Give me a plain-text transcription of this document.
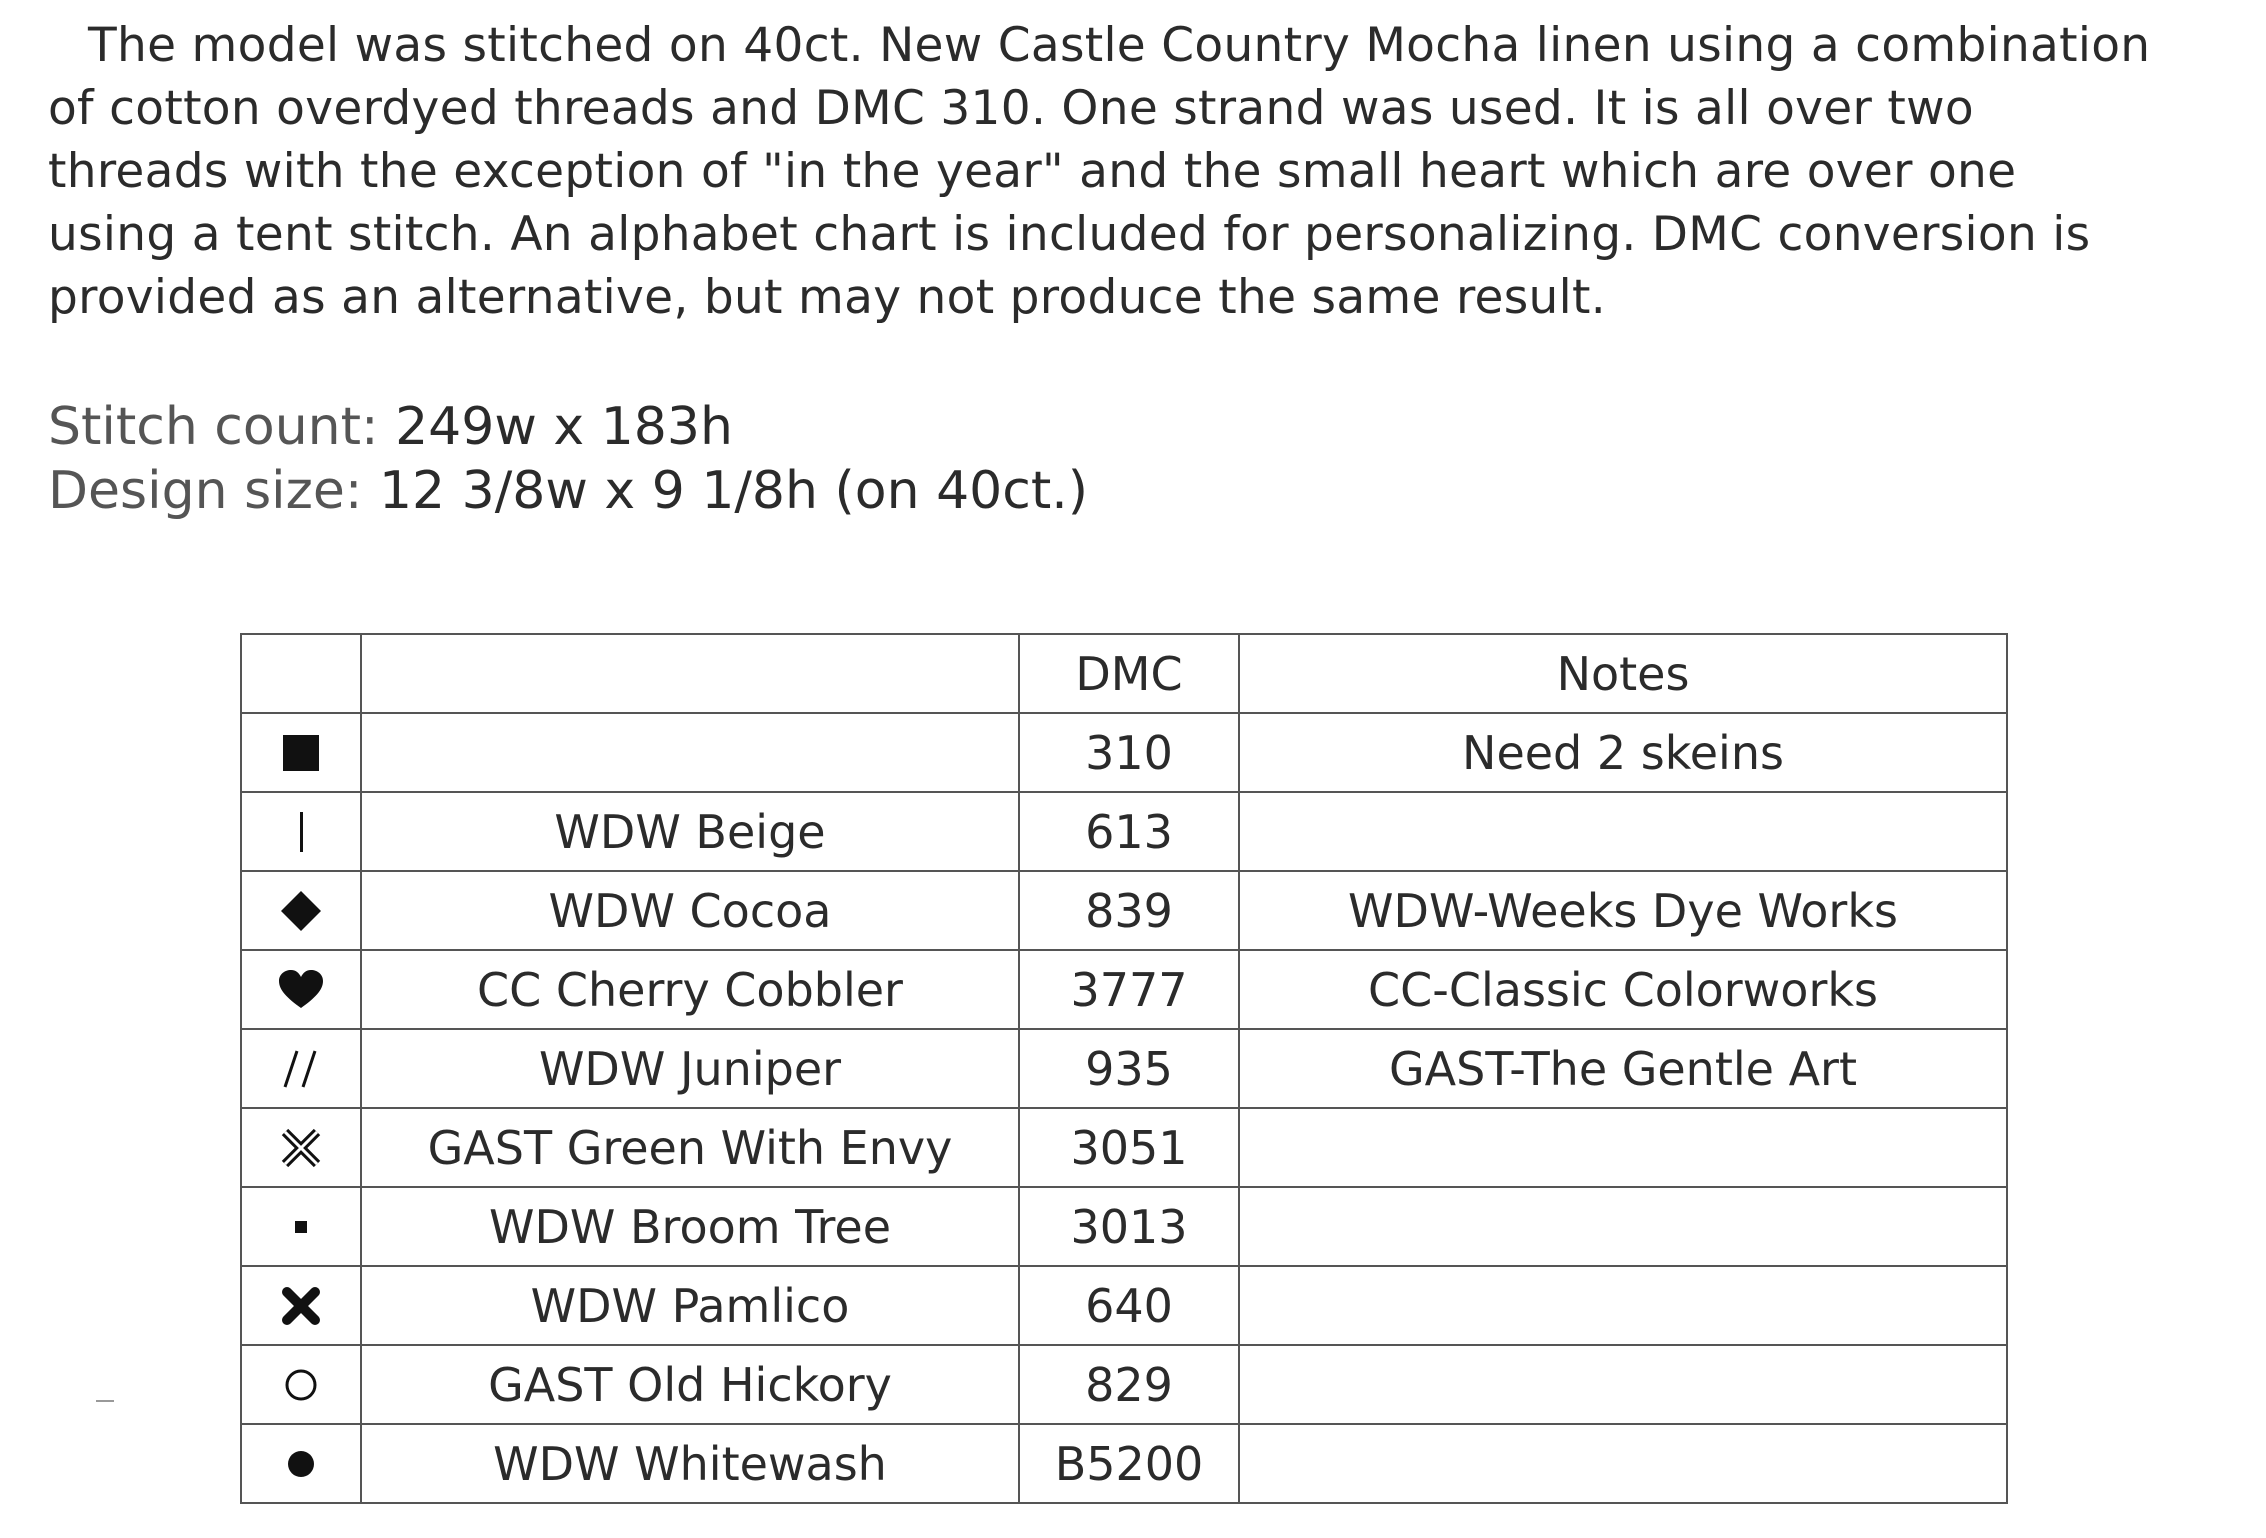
The model was stitched on 40ct. New Castle Country Mocha linen using a combination

of cotton overdyed threads and DMC 310. One strand was used. It is all over two

threads with the exception of "in the year" and the small heart which are over one

using a tent stitch. An alphabet chart is included for personalizing. DMC conversion is

provided as an alternative, but may not produce the same result.

Stitch count: 249w x 183h
Design size: 12 3/8w x 9 1/8h (on 40ct.)
		DMC	Notes

		310	Need 2 skeins

	WDW Beige	613	

	WDW Cocoa	839	WDW-Weeks Dye Works

	CC Cherry Cobbler	3777	CC-Classic Colorworks

	WDW Juniper	935	GAST-The Gentle Art

	GAST Green With Envy	3051	

	WDW Broom Tree	3013	

	WDW Pamlico	640	

	GAST Old Hickory	829	

	WDW Whitewash	B5200	
